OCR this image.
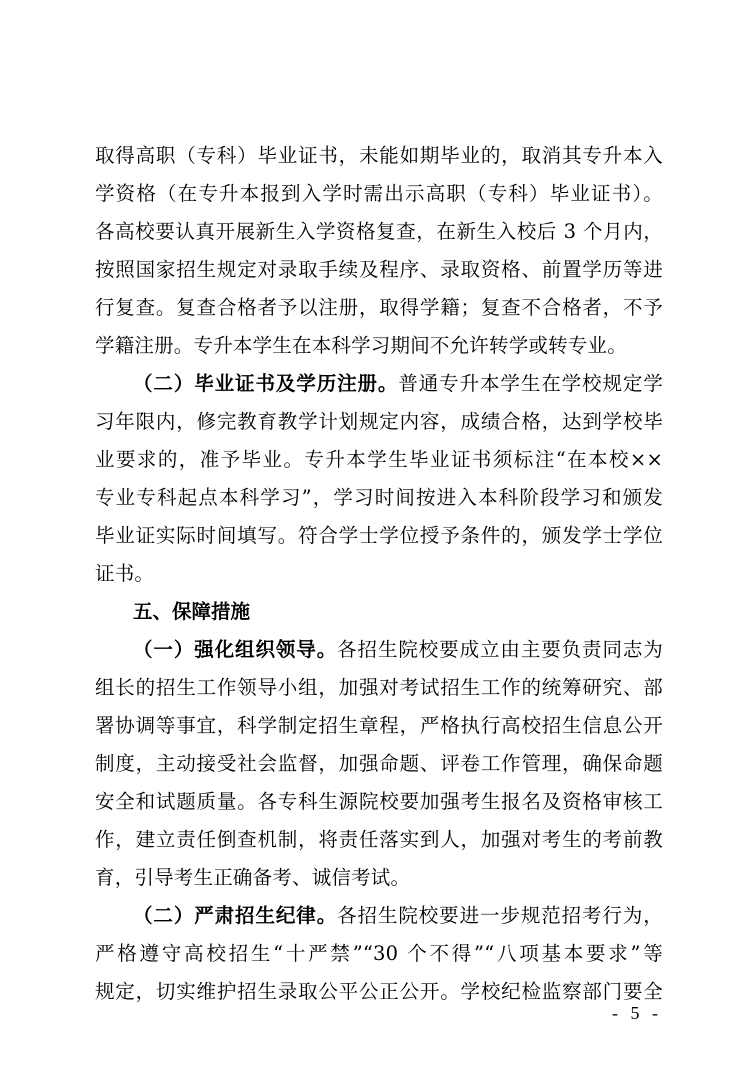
取得高职（专科）毕业证书，未能如期毕业的，取消其专升本入
学资格（在专升本报到入学时需出示高职（专科）毕业证书）。
各高校要认真开展新生入学资格复查，在新生入校后 3 个月内，
按照国家招生规定对录取手续及程序、录取资格、前置学历等进
行复查。复查合格者予以注册，取得学籍；复查不合格者，不予
学籍注册。专升本学生在本科学习期间不允许转学或转专业。
（二）毕业证书及学历注册。普通专升本学生在学校规定学
习年限内，修完教育教学计划规定内容，成绩合格，达到学校毕
业要求的，准予毕业。专升本学生毕业证书须标注“在本校××
专业专科起点本科学习”，学习时间按进入本科阶段学习和颁发
毕业证实际时间填写。符合学士学位授予条件的，颁发学士学位
证书。
五、保障措施
（一）强化组织领导。各招生院校要成立由主要负责同志为
组长的招生工作领导小组，加强对考试招生工作的统筹研究、部
署协调等事宜，科学制定招生章程，严格执行高校招生信息公开
制度，主动接受社会监督，加强命题、评卷工作管理，确保命题
安全和试题质量。各专科生源院校要加强考生报名及资格审核工
作，建立责任倒查机制，将责任落实到人，加强对考生的考前教
育，引导考生正确备考、诚信考试。
（二）严肃招生纪律。各招生院校要进一步规范招考行为，
严格遵守高校招生“十严禁”“30 个不得”“八项基本要求”等
规定，切实维护招生录取公平公正公开。学校纪检监察部门要全
- 5 -
